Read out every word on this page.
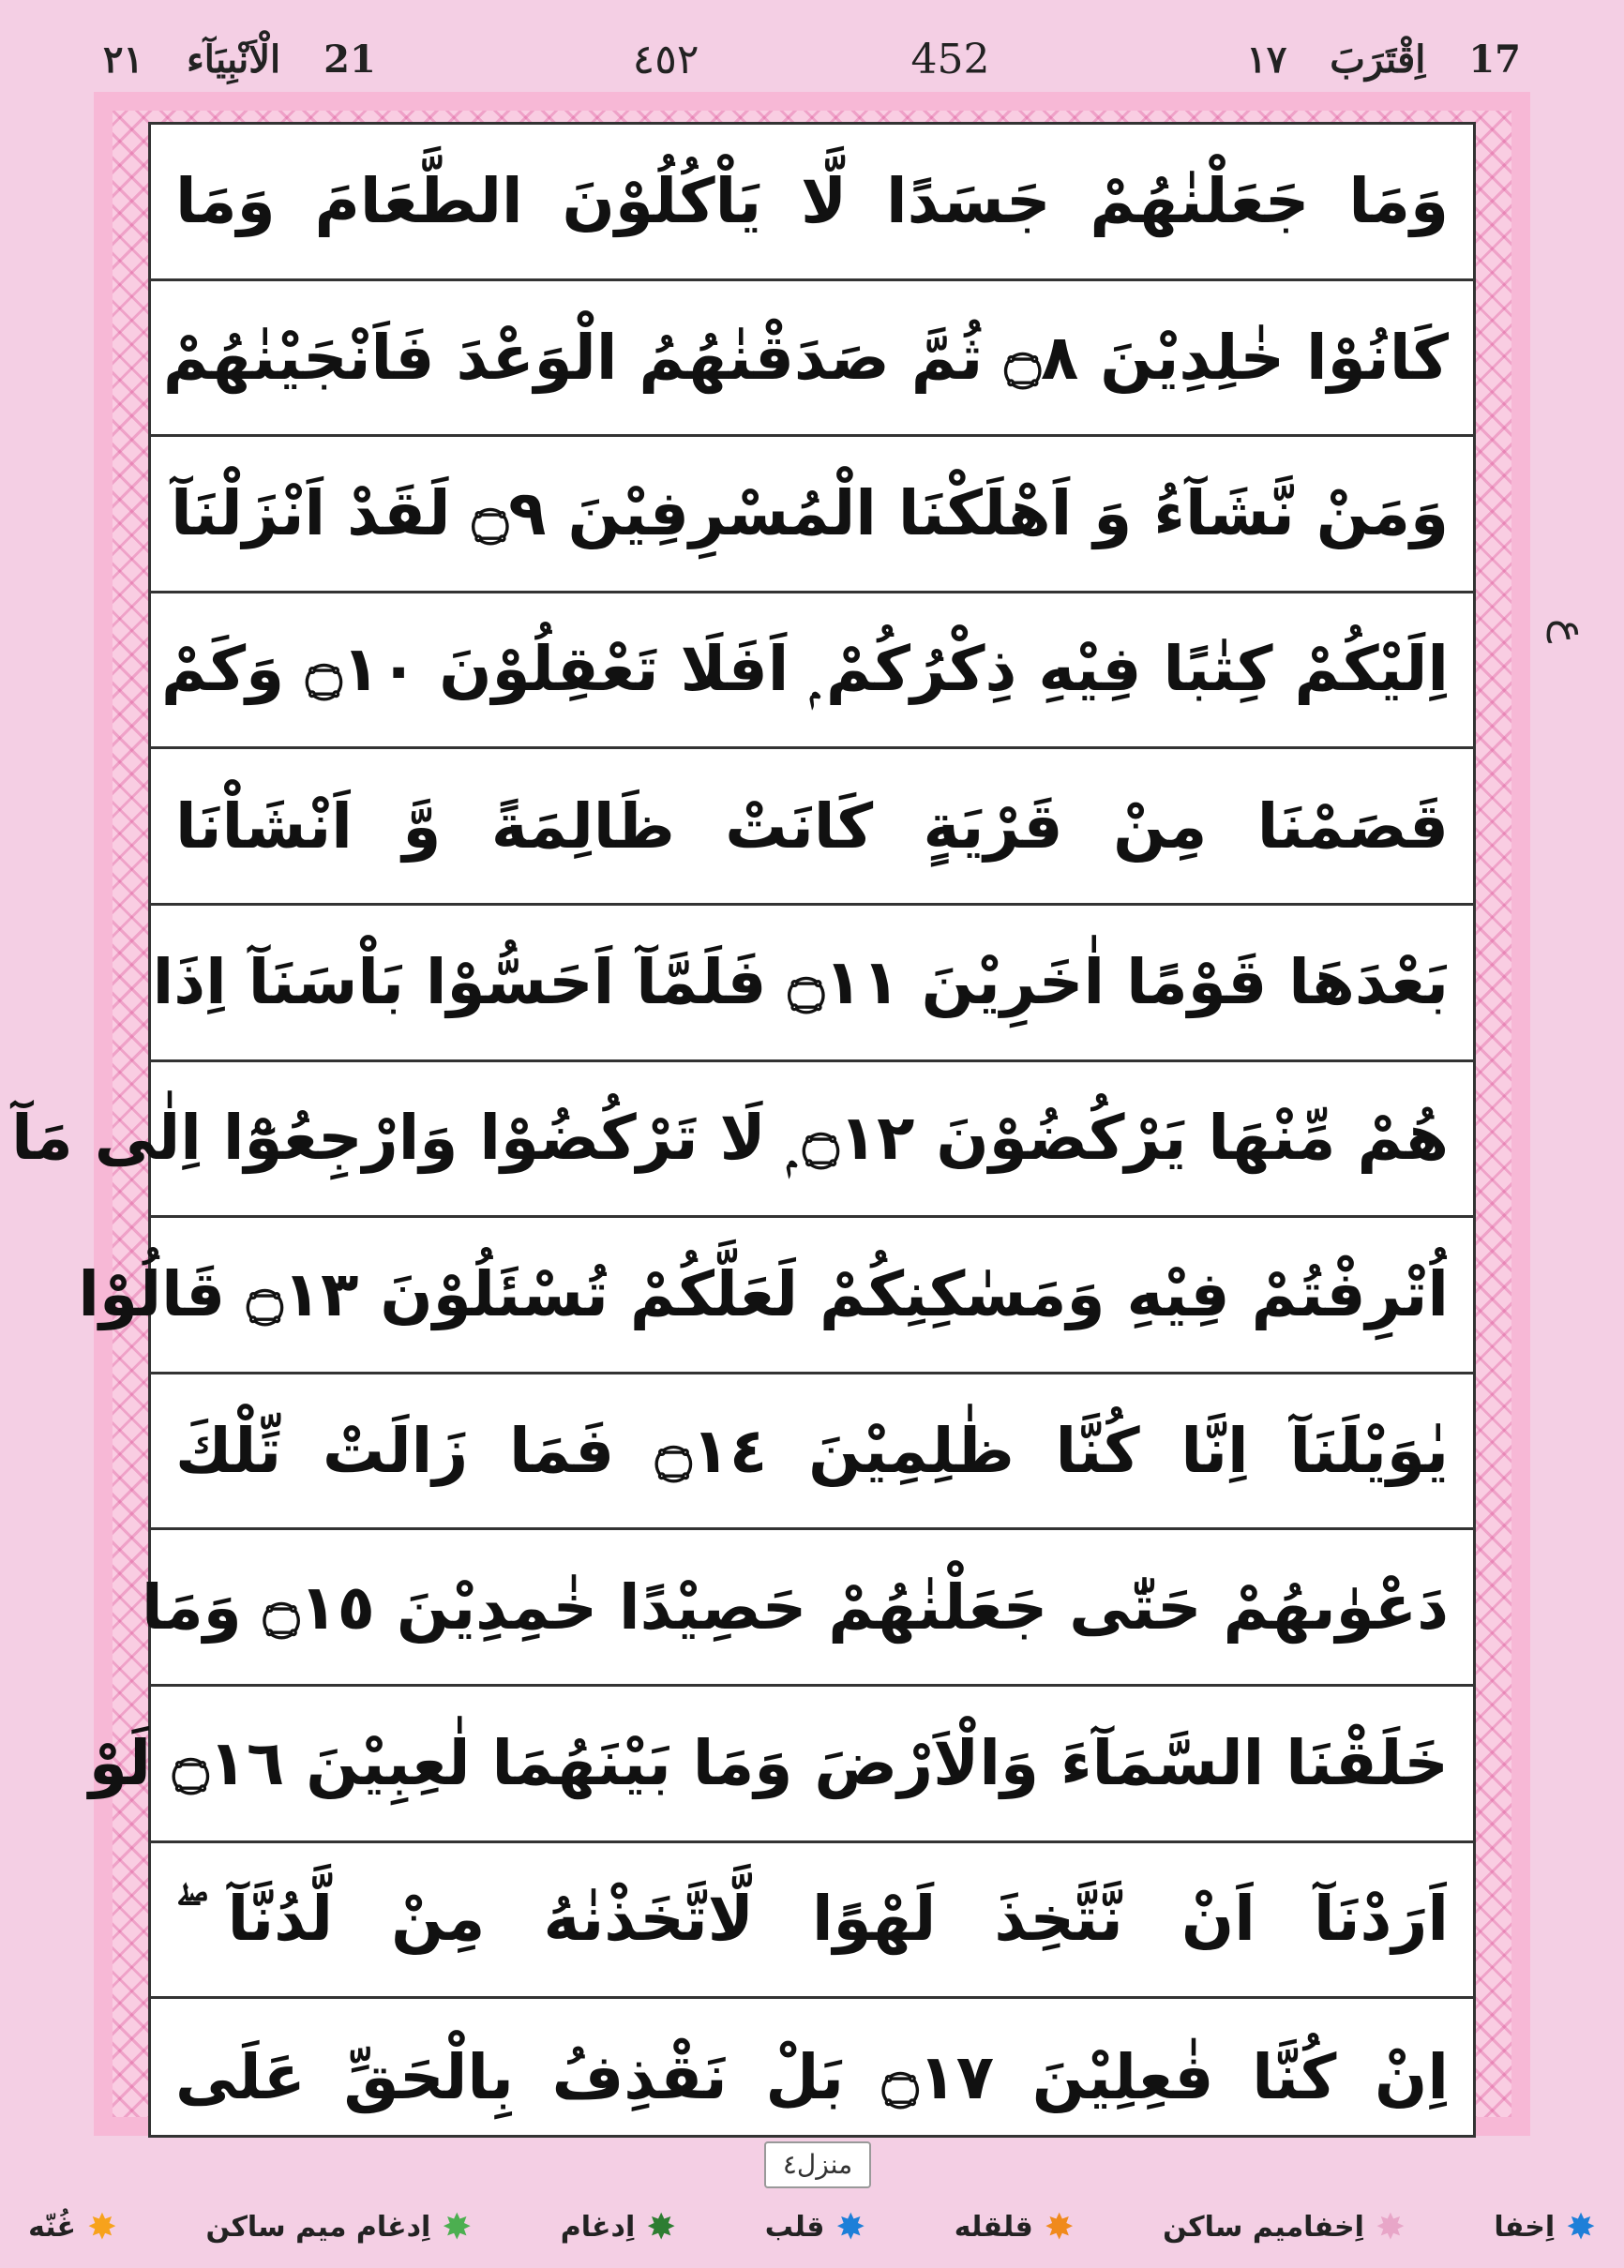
٢١ الْاَنْبِيَآء 21	٤٥٢	452	١٧ اِقْتَرَبَ 17
وَمَا جَعَلْنٰهُمْ جَسَدًا لَّا يَاْكُلُوْنَ الطَّعَامَ وَمَا
كَانُوْا خٰلِدِيْنَ ۝٨ ثُمَّ صَدَقْنٰهُمُ الْوَعْدَ فَاَنْجَيْنٰهُمْ
وَمَنْ نَّشَآءُ وَ اَهْلَكْنَا الْمُسْرِفِيْنَ ۝٩ لَقَدْ اَنْزَلْنَآ
اِلَيْكُمْ كِتٰبًا فِيْهِ ذِكْرُكُمْ ۭ اَفَلَا تَعْقِلُوْنَ ۝١٠ وَكَمْ
قَصَمْنَا مِنْ قَرْيَةٍ كَانَتْ ظَالِمَةً وَّ اَنْشَاْنَا
بَعْدَهَا قَوْمًا اٰخَرِيْنَ ۝١١ فَلَمَّآ اَحَسُّوْا بَاْسَنَآ اِذَا
هُمْ مِّنْهَا يَرْكُضُوْنَ ۝١٢ ۭ لَا تَرْكُضُوْا وَارْجِعُوْٓا اِلٰى مَآ
اُتْرِفْتُمْ فِيْهِ وَمَسٰكِنِكُمْ لَعَلَّكُمْ تُسْئَلُوْنَ ۝١٣ قَالُوْا
يٰوَيْلَنَآ اِنَّا كُنَّا ظٰلِمِيْنَ ۝١٤ فَمَا زَالَتْ تِّلْكَ
دَعْوٰىهُمْ حَتّٰى جَعَلْنٰهُمْ حَصِيْدًا خٰمِدِيْنَ ۝١٥ وَمَا
خَلَقْنَا السَّمَآءَ وَالْاَرْضَ وَمَا بَيْنَهُمَا لٰعِبِيْنَ ۝١٦ لَوْ
اَرَدْنَآ اَنْ نَّتَّخِذَ لَهْوًا لَّاتَّخَذْنٰهُ مِنْ لَّدُنَّآ ۖ
اِنْ كُنَّا فٰعِلِيْنَ ۝١٧ بَلْ نَقْذِفُ بِالْحَقِّ عَلَى
ع
منزل٤
✸
اِخفا
✸
اِخفامیم ساکن
✸
قلقله
✸
قلب
✸
اِدغام
✸
اِدغام میم ساکن
✸
غُنّه
